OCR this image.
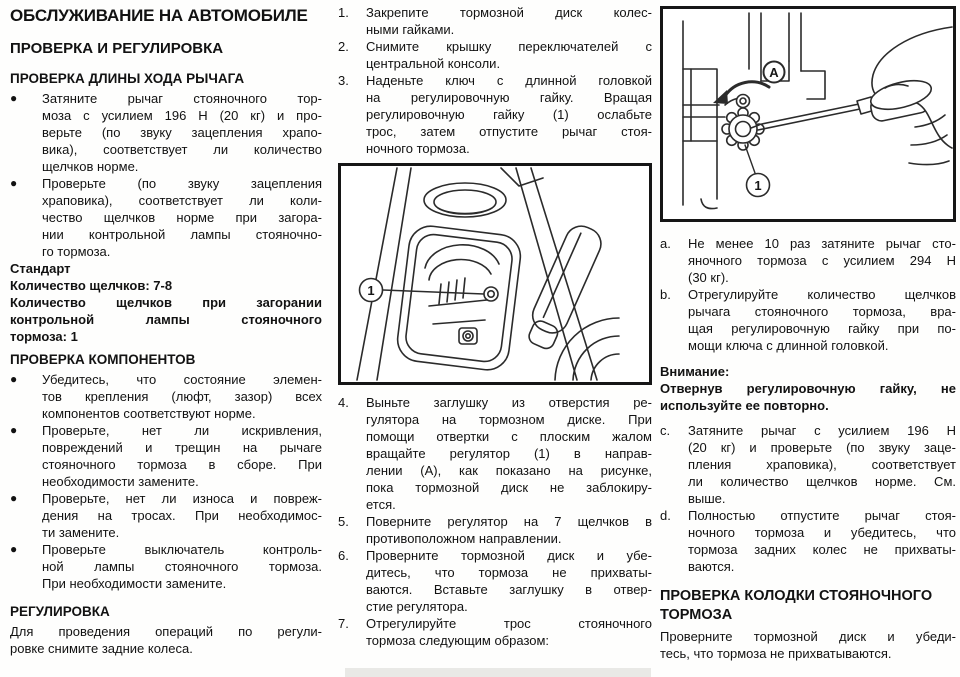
ОБСЛУЖИВАНИЕ НА АВТОМОБИЛЕ
ПРОВЕРКА И РЕГУЛИРОВКА
ПРОВЕРКА ДЛИНЫ ХОДА РЫЧАГА
●	Затяните рычаг стояночного тор-
моза с усилием 196 Н (20 кг) и про-
верьте (по звуку зацепления храпо-
вика), соответствует ли количество
щелчков норме.
●	Проверьте (по звуку зацепления
храповика), соответствует ли коли-
чество щелчков норме при загора-
нии контрольной лампы стояночно-
го тормоза.
Стандарт
Количество щелчков: 7-8
Количество щелчков при загорании
контрольной лампы стояночного
тормоза: 1
ПРОВЕРКА КОМПОНЕНТОВ
●	Убедитесь, что состояние элемен-
тов крепления (люфт, зазор) всех
компонентов соответствуют норме.
●	Проверьте, нет ли искривления,
повреждений и трещин на рычаге
стояночного тормоза в сборе. При
необходимости замените.
●	Проверьте, нет ли износа и повреж-
дения на тросах. При необходимос-
ти замените.
●	Проверьте выключатель контроль-
ной лампы стояночного тормоза.
При необходимости замените.
РЕГУЛИРОВКА
Для проведения операций по регули-
ровке снимите задние колеса.
1.	Закрепите тормозной диск колес-
ными гайками.
2.	Снимите крышку переключателей с
центральной консоли.
3.	Наденьте ключ с длинной головкой
на регулировочную гайку. Вращая
регулировочную гайку (1) ослабьте
трос, затем отпустите рычаг стоя-
ночного тормоза.
1
4.	Выньте заглушку из отверстия ре-
гулятора на тормозном диске. При
помощи отвертки с плоским жалом
вращайте регулятор (1) в направ-
лении (А), как показано на рисунке,
пока тормозной диск не заблокиру-
ется.
5.	Поверните регулятор на 7 щелчков в
противоположном направлении.
6.	Проверните тормозной диск и убе-
дитесь, что тормоза не прихваты-
ваются. Вставьте заглушку в отвер-
стие регулятора.
7.	Отрегулируйте трос стояночного
тормоза следующим образом:
A
1
a.	Не менее 10 раз затяните рычаг сто-
яночного тормоза с усилием 294 Н
(30 кг).
b.	Отрегулируйте количество щелчков
рычага стояночного тормоза, вра-
щая регулировочную гайку при по-
мощи ключа с длинной головкой.
Внимание:
Отвернув регулировочную гайку, не
используйте ее повторно.
c.	Затяните рычаг с усилием 196 Н
(20 кг) и проверьте (по звуку заце-
пления храповика), соответствует
ли количество щелчков норме. См.
выше.
d.	Полностью отпустите рычаг стоя-
ночного тормоза и убедитесь, что
тормоза задних колес не прихваты-
ваются.
ПРОВЕРКА КОЛОДКИ СТОЯНОЧНОГО
ТОРМОЗА
Проверните тормозной диск и убеди-
тесь, что тормоза не прихватываются.
